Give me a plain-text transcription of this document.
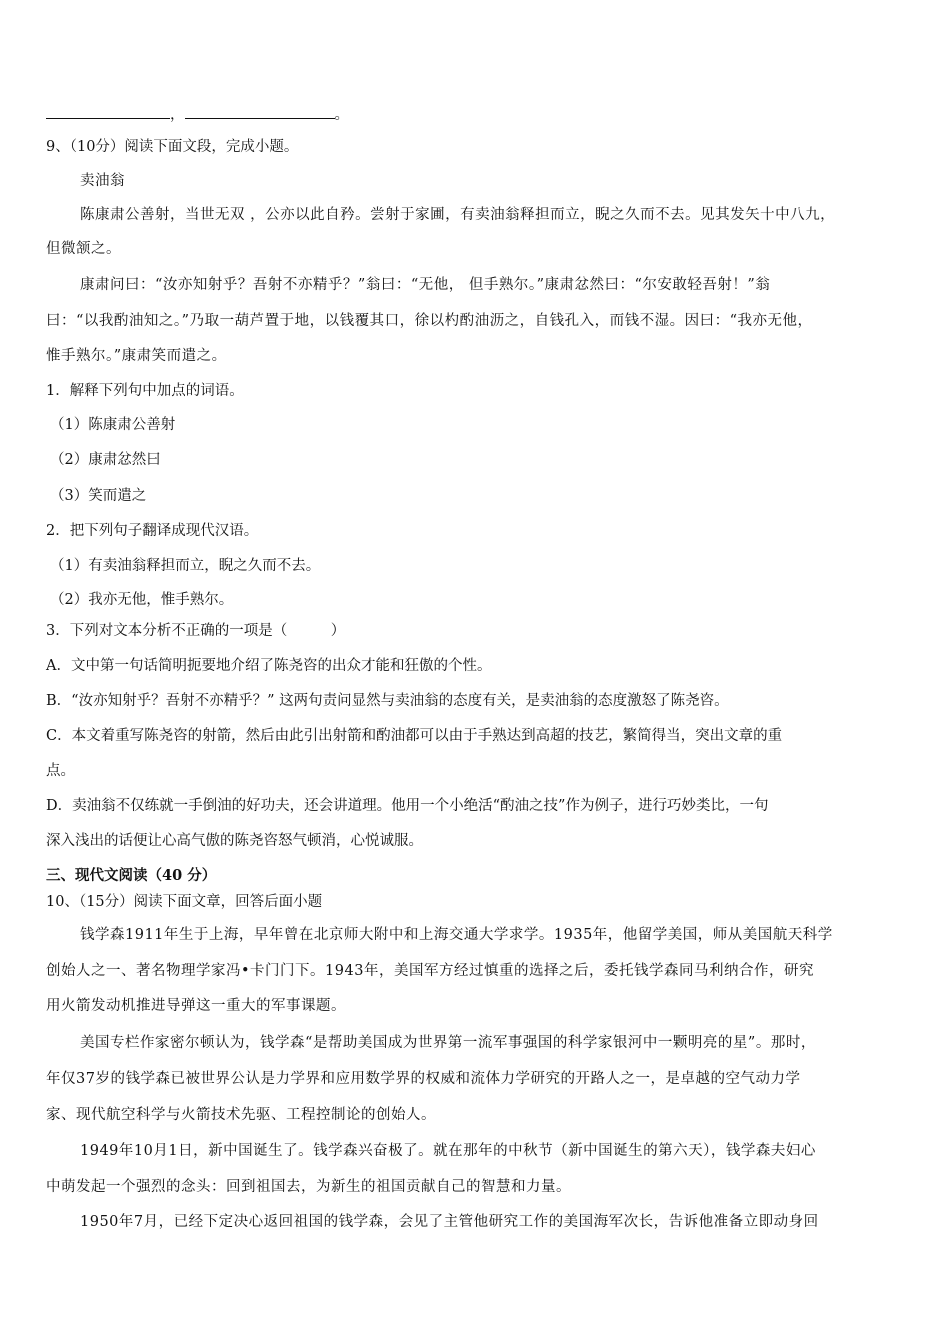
，	。
9、（10分）阅读下面文段，完成小题。
卖油翁
陈康肃公善射，当世无双 ，公亦以此自矜。尝射于家圃，有卖油翁释担而立，睨之久而不去。见其发矢十中八九，
但微颔之。
康肃问曰：“汝亦知射乎？吾射不亦精乎？”翁曰：“无他， 但手熟尔。”康肃忿然曰：“尔安敢轻吾射！”翁
曰：“以我酌油知之。”乃取一葫芦置于地，以钱覆其口，徐以杓酌油沥之，自钱孔入，而钱不湿。因曰：“我亦无他，
惟手熟尔。”康肃笑而遣之。
1．解释下列句中加点的词语。
（1）陈康肃公善射
（2）康肃忿然曰
（3）笑而遣之
2．把下列句子翻译成现代汉语。
（1）有卖油翁释担而立，睨之久而不去。
（2）我亦无他，惟手熟尔。
3．下列对文本分析不正确的一项是（　　　）
A．文中第一句话简明扼要地介绍了陈尧咨的出众才能和狂傲的个性。
B．“汝亦知射乎？吾射不亦精乎？” 这两句责问显然与卖油翁的态度有关，是卖油翁的态度激怒了陈尧咨。
C．本文着重写陈尧咨的射箭，然后由此引出射箭和酌油都可以由于手熟达到高超的技艺，繁简得当，突出文章的重
点。
D．卖油翁不仅练就一手倒油的好功夫，还会讲道理。他用一个小绝活“酌油之技”作为例子，进行巧妙类比，一句
深入浅出的话便让心高气傲的陈尧咨怒气顿消，心悦诚服。
三、现代文阅读（40 分）
10、（15分）阅读下面文章，回答后面小题
钱学森1911年生于上海，早年曾在北京师大附中和上海交通大学求学。1935年，他留学美国，师从美国航天科学
创始人之一、著名物理学家冯•卡门门下。1943年，美国军方经过慎重的选择之后，委托钱学森同马利纳合作，研究
用火箭发动机推进导弹这一重大的军事课题。
美国专栏作家密尔顿认为，钱学森“是帮助美国成为世界第一流军事强国的科学家银河中一颗明亮的星”。那时，
年仅37岁的钱学森已被世界公认是力学界和应用数学界的权威和流体力学研究的开路人之一，是卓越的空气动力学
家、现代航空科学与火箭技术先驱、工程控制论的创始人。
1949年10月1日，新中国诞生了。钱学森兴奋极了。就在那年的中秋节（新中国诞生的第六天），钱学森夫妇心
中萌发起一个强烈的念头：回到祖国去，为新生的祖国贡献自己的智慧和力量。
1950年7月，已经下定决心返回祖国的钱学森，会见了主管他研究工作的美国海军次长，告诉他准备立即动身回
